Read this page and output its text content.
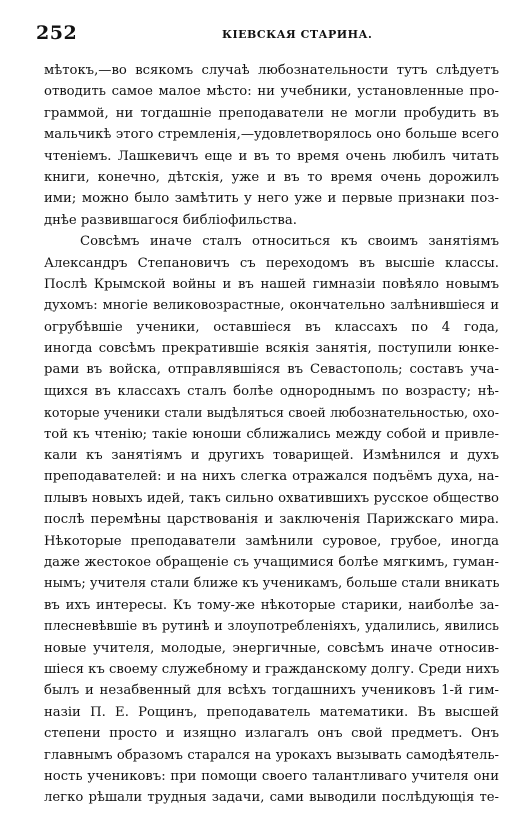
252	КІЕВСКАЯ СТАРИНА.
мѣтокъ,—во всякомъ случаѣ любознательности тутъ слѣдуетъ
отводить самое малое мѣсто: ни учебники, установленные про-
граммой, ни тогдашніе преподаватели не могли пробудить въ
мальчикѣ этого стремленія,—удовлетворялось оно больше всего
чтеніемъ. Лашкевичъ еще и въ то время очень любилъ читать
книги, конечно, дѣтскія, уже и въ то время очень дорожилъ
ими; можно было замѣтить у него уже и первые признаки поз-
днѣе развившагося библіофильства.
Совсѣмъ иначе сталъ относиться къ своимъ занятіямъ
Александръ Степановичъ съ переходомъ въ высшіе классы.
Послѣ Крымской войны и въ нашей гимназіи повѣяло новымъ
духомъ: многіе великовозрастные, окончательно залѣнившіеся и
огрубѣвшіе ученики, оставшіеся въ классахъ по 4 года,
иногда совсѣмъ прекратившіе всякія занятія, поступили юнке-
рами въ войска, отправлявшіяся въ Севастополь; составъ уча-
щихся въ классахъ сталъ болѣе однороднымъ по возрасту; нѣ-
которые ученики стали выдѣляться своей любознательностью, охо-
той къ чтенію; такіе юноши сближались между собой и привле-
кали къ занятіямъ и другихъ товарищей. Измѣнился и духъ
преподавателей: и на нихъ слегка отражался подъёмъ духа, на-
плывъ новыхъ идей, такъ сильно охватившихъ русское общество
послѣ перемѣны царствованія и заключенія Парижскаго мира.
Нѣкоторые преподаватели замѣнили суровое, грубое, иногда
даже жестокое обращеніе съ учащимися болѣе мягкимъ, гуман-
нымъ; учителя стали ближе къ ученикамъ, больше стали вникать
въ ихъ интересы. Къ тому-же нѣкоторые старики, наиболѣе за-
плесневѣвшіе въ рутинѣ и злоупотребленіяхъ, удалились, явились
новые учителя, молодые, энергичные, совсѣмъ иначе относив-
шіеся къ своему служебному и гражданскому долгу. Среди нихъ
былъ и незабвенный для всѣхъ тогдашнихъ учениковъ 1-й гим-
назіи П. Е. Рощинъ, преподаватель математики. Въ высшей
степени просто и изящно излагалъ онъ свой предметъ. Онъ
главнымъ образомъ старался на урокахъ вызывать самодѣятель-
ность учениковъ: при помощи своего талантливаго учителя они
легко рѣшали трудныя задачи, сами выводили послѣдующія те-
